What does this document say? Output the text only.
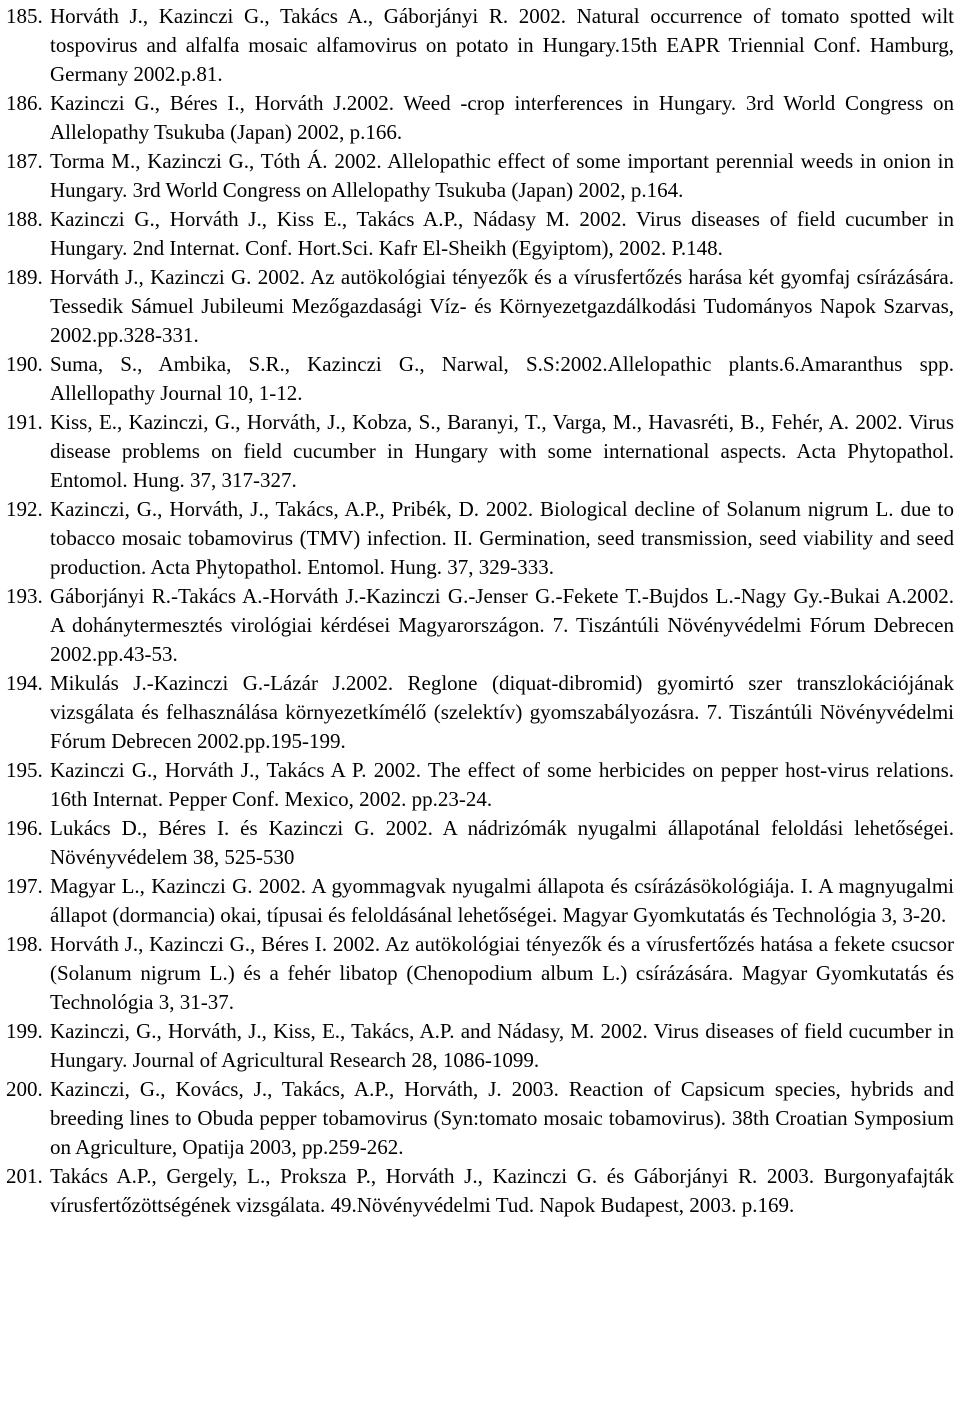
185. Horváth J., Kazinczi G., Takács A., Gáborjányi R. 2002. Natural occurrence of tomato spotted wilt tospovirus and alfalfa mosaic alfamovirus on potato in Hungary.15th EAPR Triennial Conf. Hamburg, Germany 2002.p.81.
186. Kazinczi G., Béres I., Horváth J.2002. Weed -crop interferences in Hungary. 3rd World Congress on Allelopathy Tsukuba (Japan) 2002, p.166.
187. Torma M., Kazinczi G., Tóth Á. 2002. Allelopathic effect of some important perennial weeds in onion in Hungary. 3rd World Congress on Allelopathy Tsukuba (Japan) 2002, p.164.
188. Kazinczi G., Horváth J., Kiss E., Takács A.P., Nádasy M. 2002. Virus diseases of field cucumber in Hungary. 2nd Internat. Conf. Hort.Sci. Kafr El-Sheikh (Egyiptom), 2002. P.148.
189. Horváth J., Kazinczi G. 2002. Az autökológiai tényezők és a vírusfertőzés harása két gyomfaj csírázására. Tessedik Sámuel Jubileumi Mezőgazdasági Víz- és Környezetgazdálkodási Tudományos Napok Szarvas, 2002.pp.328-331.
190. Suma, S., Ambika, S.R., Kazinczi G., Narwal, S.S:2002.Allelopathic plants.6.Amaranthus spp. Allellopathy Journal 10, 1-12.
191. Kiss, E., Kazinczi, G., Horváth, J., Kobza, S., Baranyi, T., Varga, M., Havasréti, B., Fehér, A. 2002. Virus disease problems on field cucumber in Hungary with some international aspects. Acta Phytopathol. Entomol. Hung. 37, 317-327.
192. Kazinczi, G., Horváth, J., Takács, A.P., Pribék, D. 2002. Biological decline of Solanum nigrum L. due to tobacco mosaic tobamovirus (TMV) infection. II. Germination, seed transmission, seed viability and seed production. Acta Phytopathol. Entomol. Hung. 37, 329-333.
193. Gáborjányi R.-Takács A.-Horváth J.-Kazinczi G.-Jenser G.-Fekete T.-Bujdos L.-Nagy Gy.-Bukai A.2002. A dohánytermesztés virológiai kérdései Magyarországon. 7. Tiszántúli Növényvédelmi Fórum Debrecen 2002.pp.43-53.
194. Mikulás J.-Kazinczi G.-Lázár J.2002. Reglone (diquat-dibromid) gyomirtó szer transzlokációjának vizsgálata és felhasználása környezetkímélő (szelektív) gyomszabályozásra. 7. Tiszántúli Növényvédelmi Fórum Debrecen 2002.pp.195-199.
195. Kazinczi G., Horváth J., Takács A P. 2002. The effect of some herbicides on pepper host-virus relations. 16th Internat. Pepper Conf. Mexico, 2002. pp.23-24.
196. Lukács D., Béres I. és Kazinczi G. 2002. A nádrizómák nyugalmi állapotánal feloldási lehetőségei. Növényvédelem 38, 525-530
197. Magyar L., Kazinczi G. 2002. A gyommagvak nyugalmi állapota és csírázásökológiája. I. A magnyugalmi állapot (dormancia) okai, típusai és feloldásánal lehetőségei. Magyar Gyomkutatás és Technológia 3, 3-20.
198. Horváth J., Kazinczi G., Béres I. 2002. Az autökológiai tényezők és a vírusfertőzés hatása a fekete csucsor (Solanum nigrum L.) és a fehér libatop (Chenopodium album L.) csírázására. Magyar Gyomkutatás és Technológia 3, 31-37.
199. Kazinczi, G., Horváth, J., Kiss, E., Takács, A.P. and Nádasy, M. 2002. Virus diseases of field cucumber in Hungary. Journal of Agricultural Research 28, 1086-1099.
200. Kazinczi, G., Kovács, J., Takács, A.P., Horváth, J. 2003. Reaction of Capsicum species, hybrids and breeding lines to Obuda pepper tobamovirus (Syn:tomato mosaic tobamovirus). 38th Croatian Symposium on Agriculture, Opatija 2003, pp.259-262.
201. Takács A.P., Gergely, L., Proksza P., Horváth J., Kazinczi G. és Gáborjányi R. 2003. Burgonyafajták vírusfertőzöttségének vizsgálata. 49.Növényvédelmi Tud. Napok Budapest, 2003. p.169.
